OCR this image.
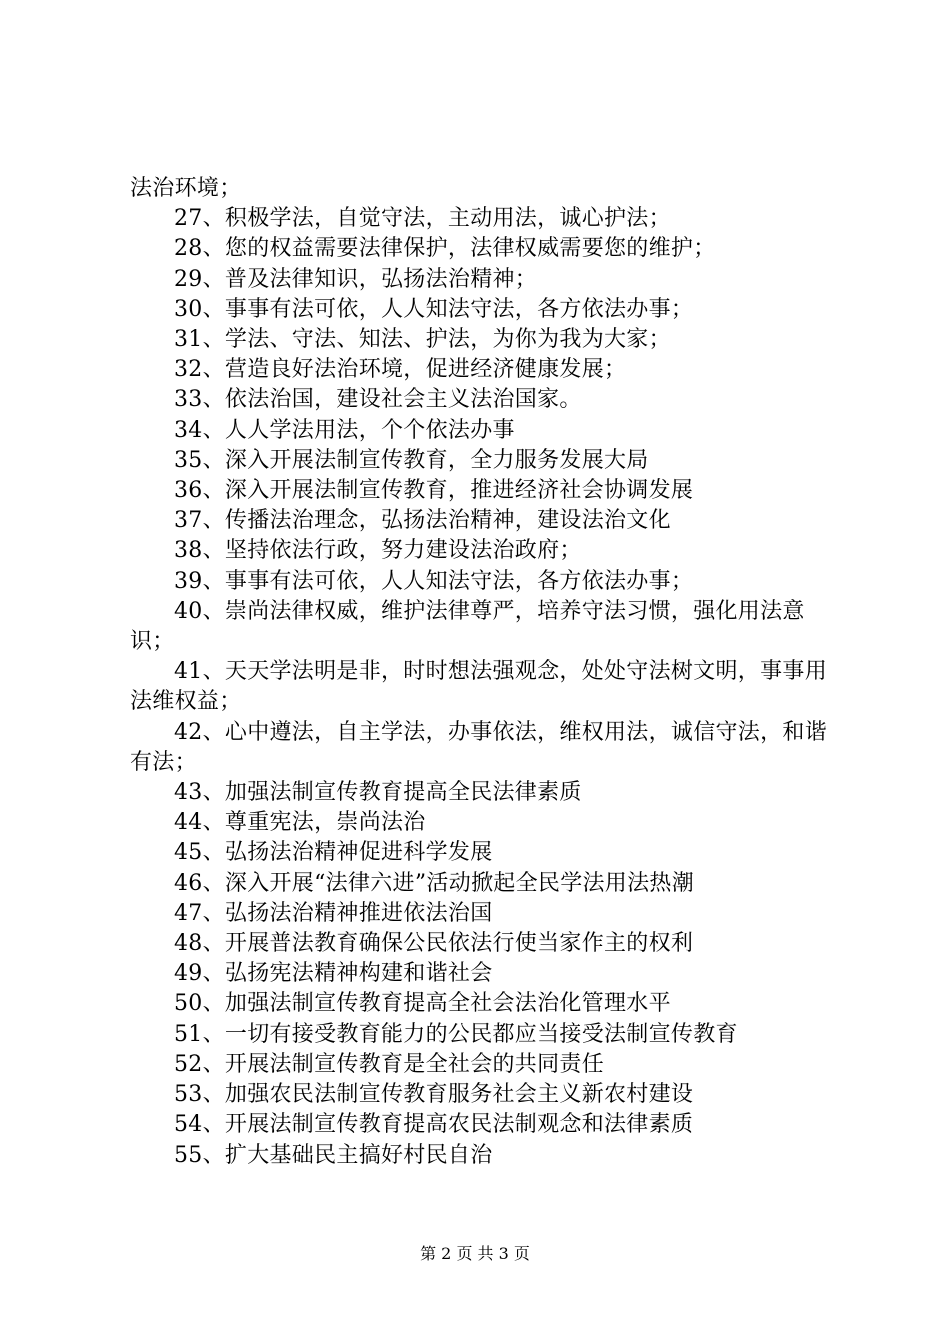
法治环境；

27、积极学法，自觉守法，主动用法，诚心护法；

28、您的权益需要法律保护，法律权威需要您的维护；

29、普及法律知识，弘扬法治精神；

30、事事有法可依，人人知法守法，各方依法办事；

31、学法、守法、知法、护法，为你为我为大家；

32、营造良好法治环境，促进经济健康发展；

33、依法治国，建设社会主义法治国家。

34、人人学法用法，个个依法办事

35、深入开展法制宣传教育，全力服务发展大局

36、深入开展法制宣传教育，推进经济社会协调发展

37、传播法治理念，弘扬法治精神，建设法治文化

38、坚持依法行政，努力建设法治政府；

39、事事有法可依，人人知法守法，各方依法办事；

40、崇尚法律权威，维护法律尊严，培养守法习惯，强化用法意识；

41、天天学法明是非，时时想法强观念，处处守法树文明，事事用法维权益；

42、心中遵法，自主学法，办事依法，维权用法，诚信守法，和谐有法；

43、加强法制宣传教育提高全民法律素质

44、尊重宪法，崇尚法治

45、弘扬法治精神促进科学发展

46、深入开展“法律六进”活动掀起全民学法用法热潮

47、弘扬法治精神推进依法治国

48、开展普法教育确保公民依法行使当家作主的权利

49、弘扬宪法精神构建和谐社会

50、加强法制宣传教育提高全社会法治化管理水平

51、一切有接受教育能力的公民都应当接受法制宣传教育

52、开展法制宣传教育是全社会的共同责任

53、加强农民法制宣传教育服务社会主义新农村建设

54、开展法制宣传教育提高农民法制观念和法律素质

55、扩大基础民主搞好村民自治

第 2 页 共 3 页
